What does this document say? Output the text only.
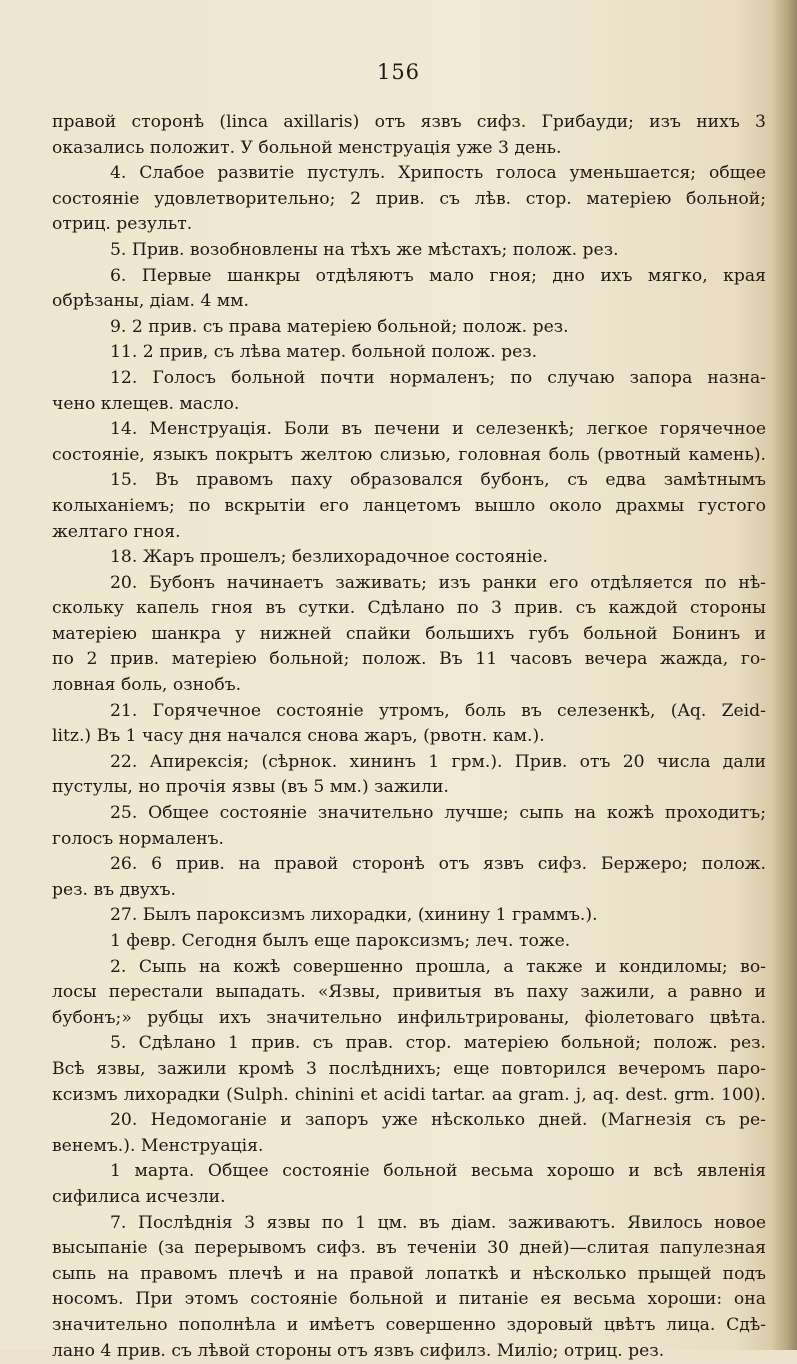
156
правой сторонѣ (linca axillaris) отъ язвъ сифз. Грибауди; изъ нихъ 3
оказались положит. У больной менструація уже 3 день.
4. Слабое развитіе пустулъ. Хрипость голоса уменьшается; общее
состояніе удовлетворительно; 2 прив. съ лѣв. стор. матеріею больной;
отриц. результ.
5. Прив. возобновлены на тѣхъ же мѣстахъ; полож. рез.
6. Первые шанкры отдѣляютъ мало гноя; дно ихъ мягко, края
обрѣзаны, діам. 4 мм.
9. 2 прив. съ права матеріею больной; полож. рез.
11. 2 прив, съ лѣва матер. больной полож. рез.
12. Голосъ больной почти нормаленъ; по случаю запора назна-
чено клещев. масло.
14. Менструація. Боли въ печени и селезенкѣ; легкое горячечное
состояніе, языкъ покрытъ желтою слизью, головная боль (рвотный камень).
15. Въ правомъ паху образовался бубонъ, съ едва замѣтнымъ
колыханіемъ; по вскрытіи его ланцетомъ вышло около драхмы густого
желтаго гноя.
18. Жаръ прошелъ; безлихорадочное состояніе.
20. Бубонъ начинаетъ заживать; изъ ранки его отдѣляется по нѣ-
скольку капель гноя въ сутки. Сдѣлано по 3 прив. съ каждой стороны
матеріею шанкра у нижней спайки большихъ губъ больной Бонинъ и
по 2 прив. матеріею больной; полож. Въ 11 часовъ вечера жажда, го-
ловная боль, ознобъ.
21. Горячечное состояніе утромъ, боль въ селезенкѣ, (Aq. Zeid-
litz.) Въ 1 часу дня начался снова жаръ, (рвотн. кам.).
22. Апирексія; (сѣрнок. хининъ 1 грм.). Прив. отъ 20 числа дали
пустулы, но прочія язвы (въ 5 мм.) зажили.
25. Общее состояніе значительно лучше; сыпь на кожѣ проходитъ;
голосъ нормаленъ.
26. 6 прив. на правой сторонѣ отъ язвъ сифз. Бержеро; полож.
рез. въ двухъ.
27. Былъ пароксизмъ лихорадки, (хинину 1 граммъ.).
1 февр. Сегодня былъ еще пароксизмъ; леч. тоже.
2. Сыпь на кожѣ совершенно прошла, а также и кондиломы; во-
лосы перестали выпадать. «Язвы, привитыя въ паху зажили, а равно и
бубонъ;» рубцы ихъ значительно инфильтрированы, фіолетоваго цвѣта.
5. Сдѣлано 1 прив. съ прав. стор. матеріею больной; полож. рез.
Всѣ язвы, зажили кромѣ 3 послѣднихъ; еще повторился вечеромъ паро-
ксизмъ лихорадки (Sulph. chinini et acidi tartar. aa gram. j, aq. dest. grm. 100).
20. Недомоганіе и запоръ уже нѣсколько дней. (Магнезія съ ре-
венемъ.). Менструація.
1 марта. Общее состояніе больной весьма хорошо и всѣ явленія
сифилиса исчезли.
7. Послѣднія 3 язвы по 1 цм. въ діам. заживаютъ. Явилось новое
высыпаніе (за перерывомъ сифз. въ теченіи 30 дней)—слитая папулезная
сыпь на правомъ плечѣ и на правой лопаткѣ и нѣсколько прыщей подъ
носомъ. При этомъ состояніе больной и питаніе ея весьма хороши: она
значительно пополнѣла и имѣетъ совершенно здоровый цвѣтъ лица. Сдѣ-
лано 4 прив. съ лѣвой стороны отъ язвъ сифилз. Миліо; отриц. рез.
